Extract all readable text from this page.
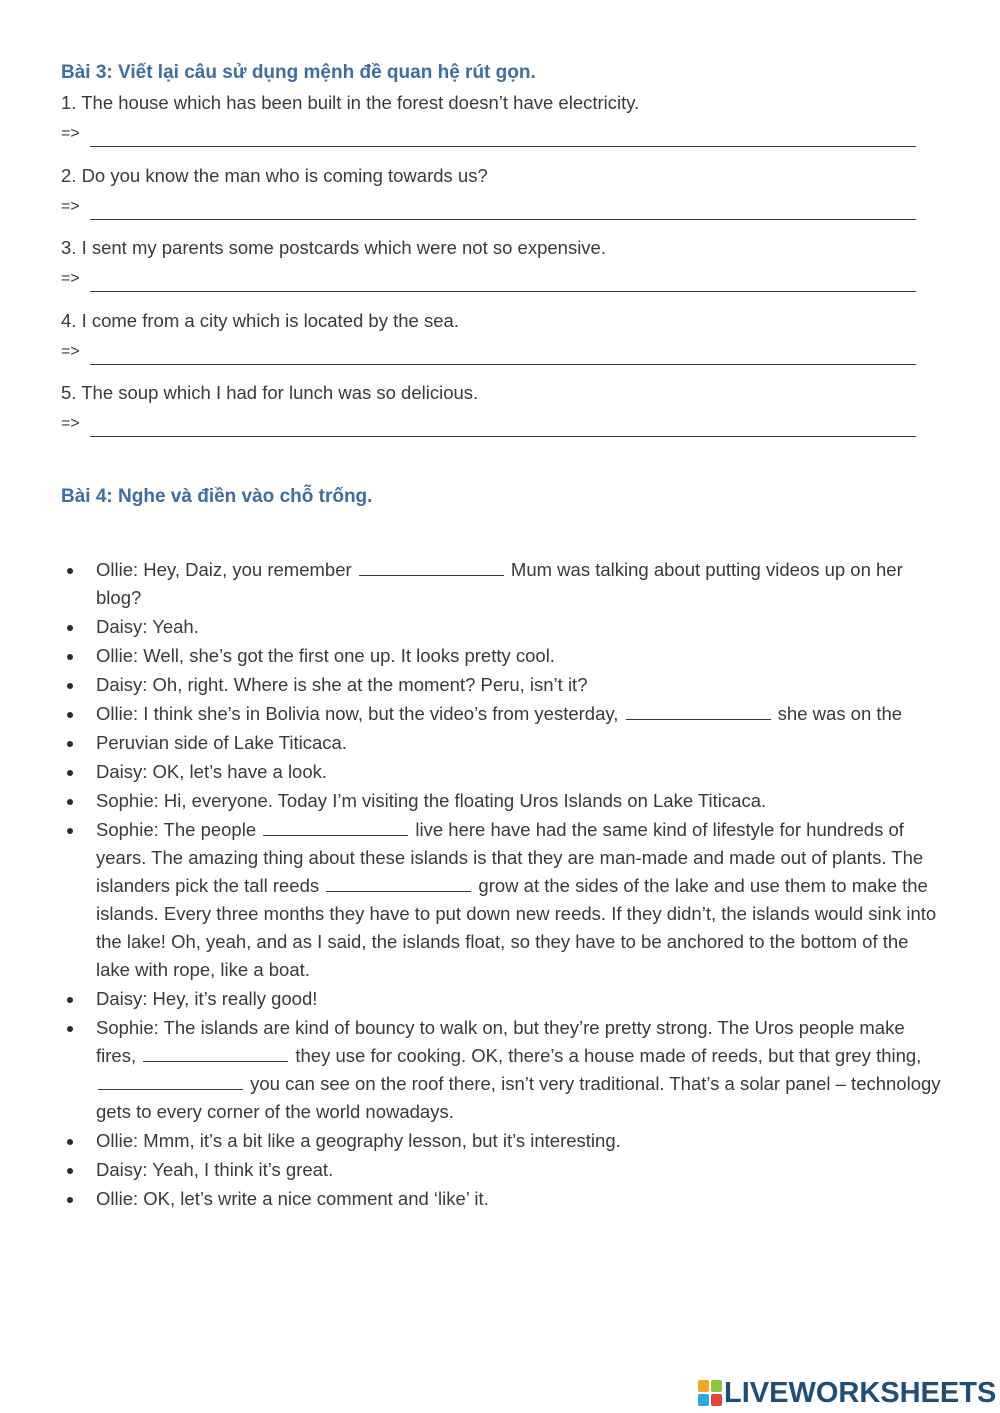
Bài 3: Viết lại câu sử dụng mệnh đề quan hệ rút gọn.
1. The house which has been built in the forest doesn’t have electricity.
=>
2. Do you know the man who is coming towards us?
=>
3. I sent my parents some postcards which were not so expensive.
=>
4. I come from a city which is located by the sea.
=>
5. The soup which I had for lunch was so delicious.
=>
Bài 4: Nghe và điền vào chỗ trống.
Ollie: Hey, Daiz, you remember	Mum was talking about putting videos up on her blog?
Daisy: Yeah.
Ollie: Well, she’s got the first one up. It looks pretty cool.
Daisy: Oh, right. Where is she at the moment? Peru, isn’t it?
Ollie: I think she’s in Bolivia now, but the video’s from yesterday,	she was on the
Peruvian side of Lake Titicaca.
Daisy: OK, let’s have a look.
Sophie: Hi, everyone. Today I’m visiting the floating Uros Islands on Lake Titicaca.
Sophie: The people	live here have had the same kind of lifestyle for hundreds of years. The amazing thing about these islands is that they are man-made and made out of plants. The islanders pick the tall reeds	grow at the sides of the lake and use them to make the islands. Every three months they have to put down new reeds. If they didn’t, the islands would sink into the lake! Oh, yeah, and as I said, the islands float, so they have to be anchored to the bottom of the lake with rope, like a boat.
Daisy: Hey, it’s really good!
Sophie: The islands are kind of bouncy to walk on, but they’re pretty strong. The Uros people make fires,	they use for cooking. OK, there’s a house made of reeds, but that grey thing,  you can see on the roof there, isn’t very traditional. That’s a solar panel – technology gets to every corner of the world nowadays.
Ollie: Mmm, it’s a bit like a geography lesson, but it’s interesting.
Daisy: Yeah, I think it’s great.
Ollie: OK, let’s write a nice comment and ‘like’ it.
LIVEWORKSHEETS
